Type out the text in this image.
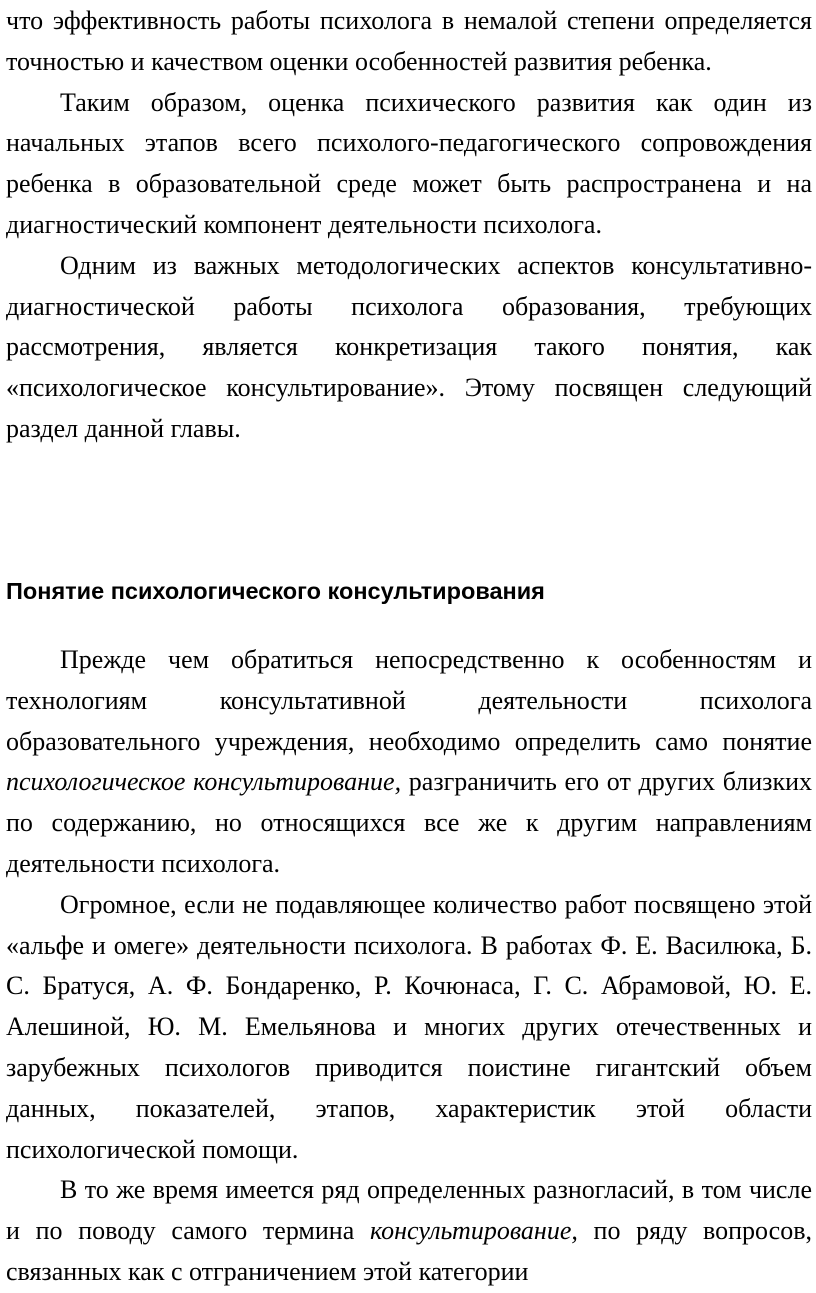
что эффективность работы психолога в немалой степени определяется точностью и качеством оценки особенностей развития ребенка.

Таким образом, оценка психического развития как один из начальных этапов всего психолого-педагогического сопровождения ребенка в образовательной среде может быть распространена и на диагностический компонент деятельности психолога.

Одним из важных методологических аспектов консультативно-диагностической работы психолога образования, требующих рассмотрения, является конкретизация такого понятия, как «психологическое консультирование». Этому посвящен следующий раздел данной главы.

Понятие психологического консультирования

Прежде чем обратиться непосредственно к особенностям и технологиям консультативной деятельности психолога образовательного учреждения, необходимо определить само понятие психологическое консультирование, разграничить его от других близких по содержанию, но относящихся все же к другим направлениям деятельности психолога.

Огромное, если не подавляющее количество работ посвящено этой «альфе и омеге» деятельности психолога. В работах Ф. Е. Василюка, Б. С. Братуся, А. Ф. Бондаренко, Р. Кочюнаса, Г. С. Абрамовой, Ю. Е. Алешиной, Ю. М. Емельянова и многих других отечественных и зарубежных психологов приводится поистине гигантский объем данных, показателей, этапов, характеристик этой области психологической помощи.

В то же время имеется ряд определенных разногласий, в том числе и по поводу самого термина консультирование, по ряду вопросов, связанных как с отграничением этой категории
